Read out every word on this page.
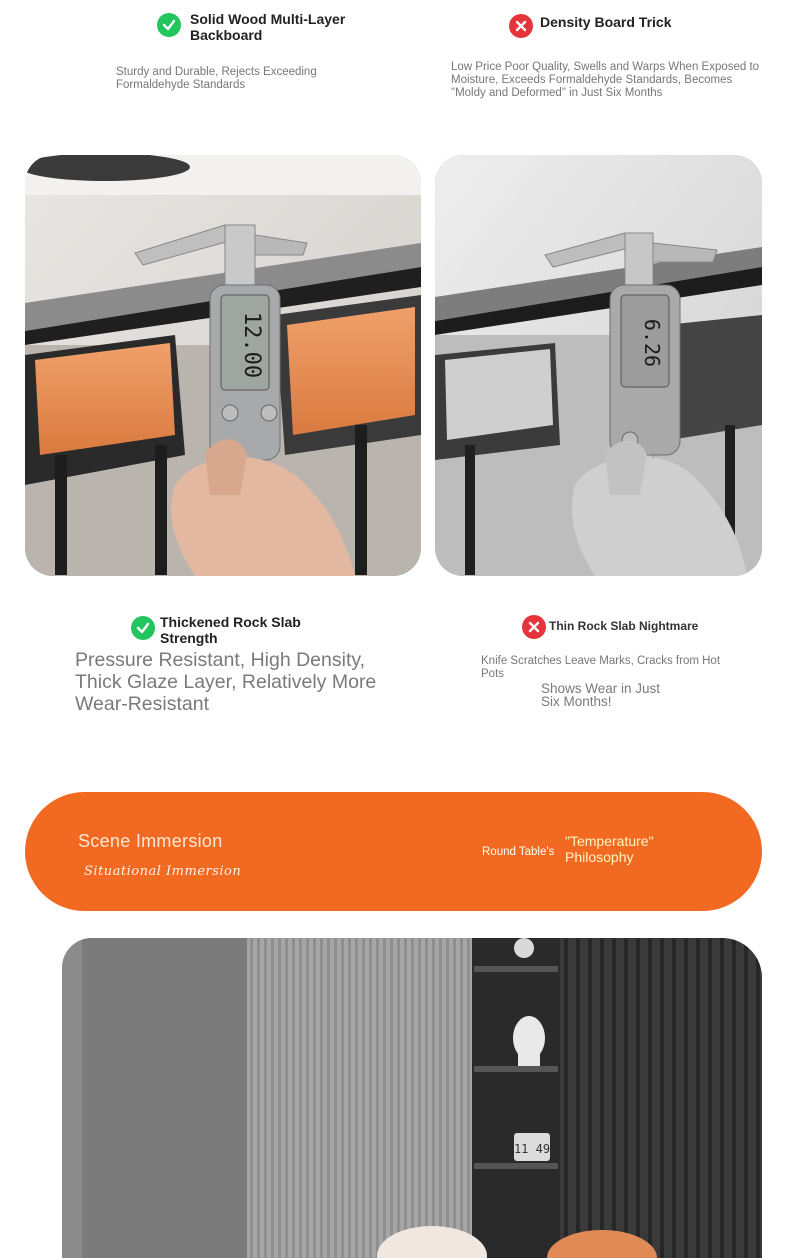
Solid Wood Multi-Layer Backboard
Sturdy and Durable, Rejects Exceeding Formaldehyde Standards
Density Board Trick
Low Price Poor Quality, Swells and Warps When Exposed to Moisture, Exceeds Formaldehyde Standards, Becomes "Moldy and Deformed" in Just Six Months
12.00	6.26
Thickened Rock Slab Strength
Pressure Resistant, High Density, Thick Glaze Layer, Relatively More Wear-Resistant
Thin Rock Slab Nightmare
Knife Scratches Leave Marks, Cracks from Hot Pots
Shows Wear in Just Six Months!
Scene Immersion
Situational Immersion
Round Table's
"Temperature" Philosophy
11 49
